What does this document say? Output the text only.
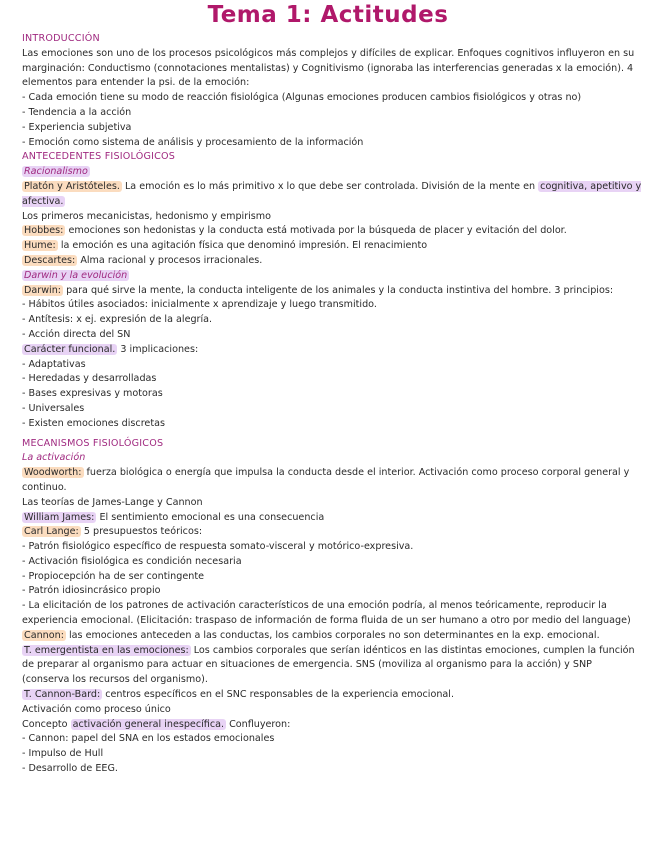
Tema 1: Actitudes

INTRODUCCIÓN

Las emociones son uno de los procesos psicológicos más complejos y difíciles de explicar. Enfoques cognitivos influyeron en su marginación: Conductismo (connotaciones mentalistas) y Cognitivismo (ignoraba las interferencias generadas x la emoción). 4 elementos para entender la psi. de la emoción:

- Cada emoción tiene su modo de reacción fisiológica (Algunas emociones producen cambios fisiológicos y otras no)

- Tendencia a la acción

- Experiencia subjetiva

- Emoción como sistema de análisis y procesamiento de la información

ANTECEDENTES FISIOLÓGICOS

Racionalismo

Platón y Aristóteles. La emoción es lo más primitivo x lo que debe ser controlada. División de la mente en cognitiva, apetitivo y afectiva.

Los primeros mecanicistas, hedonismo y empirismo

Hobbes: emociones son hedonistas y la conducta está motivada por la búsqueda de placer y evitación del dolor.

Hume: la emoción es una agitación física que denominó impresión. El renacimiento

Descartes: Alma racional y procesos irracionales.

Darwin y la evolución

Darwin: para qué sirve la mente, la conducta inteligente de los animales y la conducta instintiva del hombre. 3 principios:

- Hábitos útiles asociados: inicialmente x aprendizaje y luego transmitido.

- Antítesis: x ej. expresión de la alegría.

- Acción directa del SN

Carácter funcional. 3 implicaciones:

- Adaptativas

- Heredadas y desarrolladas

- Bases expresivas y motoras

- Universales

- Existen emociones discretas

MECANISMOS FISIOLÓGICOS

La activación

Woodworth: fuerza biológica o energía que impulsa la conducta desde el interior. Activación como proceso corporal general y continuo.

Las teorías de James-Lange y Cannon

William James: El sentimiento emocional es una consecuencia

Carl Lange: 5 presupuestos teóricos:

- Patrón fisiológico específico de respuesta somato-visceral y motórico-expresiva.

- Activación fisiológica es condición necesaria

- Propiocepción ha de ser contingente

- Patrón idiosincrásico propio

- La elicitación de los patrones de activación característicos de una emoción podría, al menos teóricamente, reproducir la experiencia emocional. (Elicitación: traspaso de información de forma fluida de un ser humano a otro por medio del language)

Cannon: las emociones anteceden a las conductas, los cambios corporales no son determinantes en la exp. emocional.

T. emergentista en las emociones: Los cambios corporales que serían idénticos en las distintas emociones, cumplen la función de preparar al organismo para actuar en situaciones de emergencia. SNS (moviliza al organismo para la acción) y SNP (conserva los recursos del organismo).

T. Cannon-Bard: centros específicos en el SNC responsables de la experiencia emocional.

Activación como proceso único

Concepto activación general inespecífica. Confluyeron:

- Cannon: papel del SNA en los estados emocionales

- Impulso de Hull

- Desarrollo de EEG.
